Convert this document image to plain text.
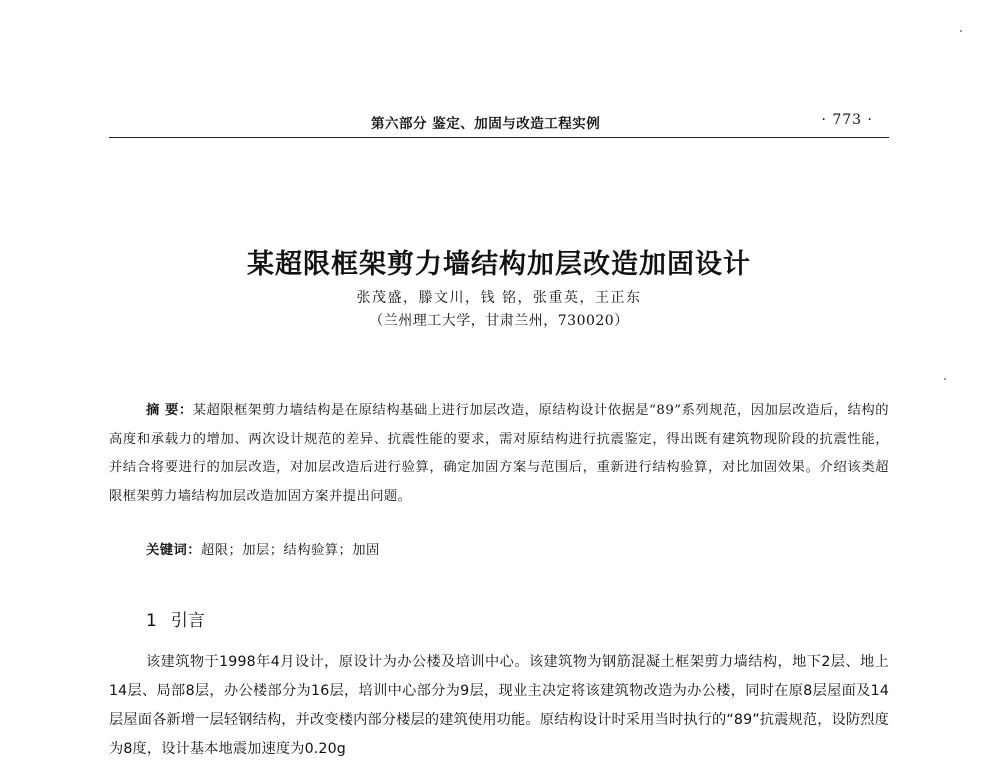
第六部分 鉴定、加固与改造工程实例	· 773 ·
某超限框架剪力墙结构加层改造加固设计
张茂盛，滕文川，钱 铭，张重英，王正东
（兰州理工大学，甘肃兰州，730020）
摘 要：某超限框架剪力墙结构是在原结构基础上进行加层改造，原结构设计依据是“89”系列规范，因加层改造后，结构的高度和承载力的增加、两次设计规范的差异、抗震性能的要求，需对原结构进行抗震鉴定，得出既有建筑物现阶段的抗震性能，并结合将要进行的加层改造，对加层改造后进行验算，确定加固方案与范围后，重新进行结构验算，对比加固效果。介绍该类超限框架剪力墙结构加层改造加固方案并提出问题。
关键词：超限；加层；结构验算；加固
1 引言
该建筑物于1998年4月设计，原设计为办公楼及培训中心。该建筑物为钢筋混凝土框架剪力墙结构，地下2层、地上14层、局部8层，办公楼部分为16层，培训中心部分为9层，现业主决定将该建筑物改造为办公楼，同时在原8层屋面及14层屋面各新增一层轻钢结构，并改变楼内部分楼层的建筑使用功能。原结构设计时采用当时执行的“89”抗震规范，设防烈度为8度，设计基本地震加速度为0.20g
